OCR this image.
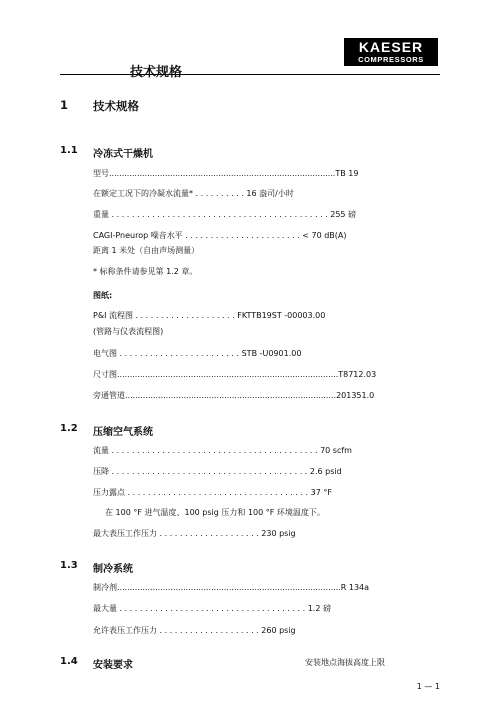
KAESER
COMPRESSORS
技术规格
1 技术规格
1.1 冷冻式干燥机
型号.........................................................................................TB 19
在额定工况下的冷凝水流量* . . . . . . . . . . 16 盎司/小时
重量 . . . . . . . . . . . . . . . . . . . . . . . . . . . . . . . . . . . . . . . . . . . 255 磅
CAGI-Pneurop 噪音水平 . . . . . . . . . . . . . . . . . . . . . . . < 70 dB(A)
距离 1 米处（自由声场测量）
* 标称条件请参见第 1.2 章。
图纸:
P&I 流程图 . . . . . . . . . . . . . . . . . . . . FKTTB19ST -00003.00
(管路与仪表流程图)
电气图 . . . . . . . . . . . . . . . . . . . . . . . . STB -U0901.00
尺寸图.......................................................................................T8712.03
旁通管道...................................................................................201351.0
1.2 压缩空气系统
流量 . . . . . . . . . . . . . . . . . . . . . . . . . . . . . . . . . . . . . . . . . 70 scfm
压降 . . . . . . . . . . . . . . . . . . . . . . . . . . . . . . . . . . . . . . . 2.6 psid
压力露点 . . . . . . . . . . . . . . . . . . . . . . . . . . . . . . . . . . . . 37 °F
在 100 °F 进气温度、100 psig 压力和 100 °F 环境温度下。
最大表压工作压力 . . . . . . . . . . . . . . . . . . . . 230 psig
1.3 制冷系统
制冷剂........................................................................................R 134a
最大量 . . . . . . . . . . . . . . . . . . . . . . . . . . . . . . . . . . . . . 1.2 磅
允许表压工作压力 . . . . . . . . . . . . . . . . . . . . 260 psig
1.4 安装要求	安装地点海拔高度上限
1 — 1
